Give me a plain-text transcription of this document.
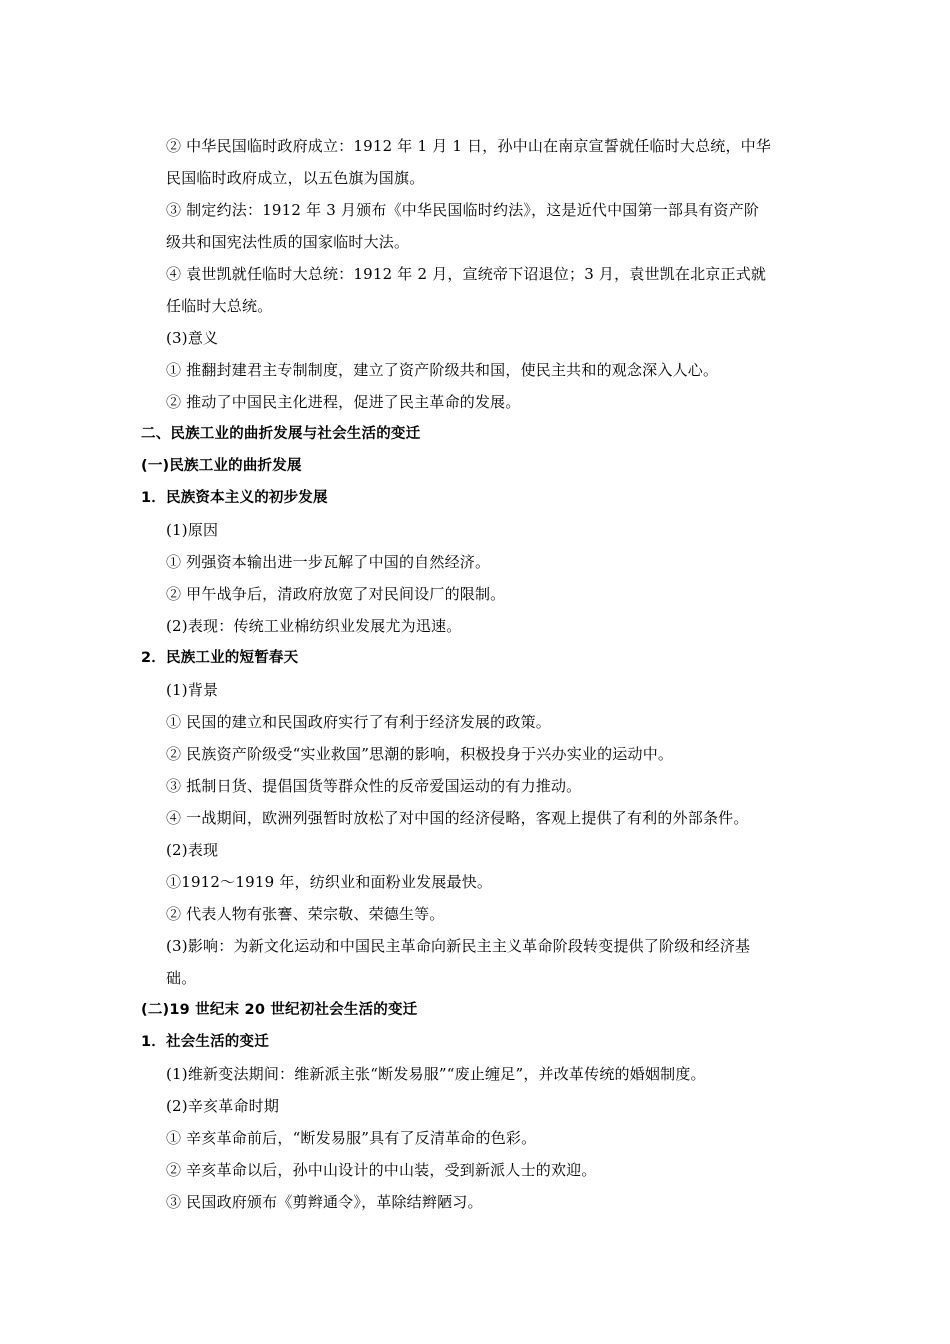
② 中华民国临时政府成立：1912 年 1 月 1 日，孙中山在南京宣誓就任临时大总统，中华
民国临时政府成立，以五色旗为国旗。
③ 制定约法：1912 年 3 月颁布《中华民国临时约法》，这是近代中国第一部具有资产阶
级共和国宪法性质的国家临时大法。
④ 袁世凯就任临时大总统：1912 年 2 月，宣统帝下诏退位；3 月，袁世凯在北京正式就
任临时大总统。
(3)意义
① 推翻封建君主专制制度，建立了资产阶级共和国，使民主共和的观念深入人心。
② 推动了中国民主化进程，促进了民主革命的发展。
二、民族工业的曲折发展与社会生活的变迁
(一)民族工业的曲折发展
1．民族资本主义的初步发展
(1)原因
① 列强资本输出进一步瓦解了中国的自然经济。
② 甲午战争后，清政府放宽了对民间设厂的限制。
(2)表现：传统工业棉纺织业发展尤为迅速。
2．民族工业的短暂春天
(1)背景
① 民国的建立和民国政府实行了有利于经济发展的政策。
② 民族资产阶级受“实业救国”思潮的影响，积极投身于兴办实业的运动中。
③ 抵制日货、提倡国货等群众性的反帝爱国运动的有力推动。
④ 一战期间，欧洲列强暂时放松了对中国的经济侵略，客观上提供了有利的外部条件。
(2)表现
①1912～1919 年，纺织业和面粉业发展最快。
② 代表人物有张謇、荣宗敬、荣德生等。
(3)影响：为新文化运动和中国民主革命向新民主主义革命阶段转变提供了阶级和经济基
础。
(二)19 世纪末 20 世纪初社会生活的变迁
1．社会生活的变迁
(1)维新变法期间：维新派主张“断发易服”“废止缠足”，并改革传统的婚姻制度。
(2)辛亥革命时期
① 辛亥革命前后，“断发易服”具有了反清革命的色彩。
② 辛亥革命以后，孙中山设计的中山装，受到新派人士的欢迎。
③ 民国政府颁布《剪辫通令》，革除结辫陋习。
